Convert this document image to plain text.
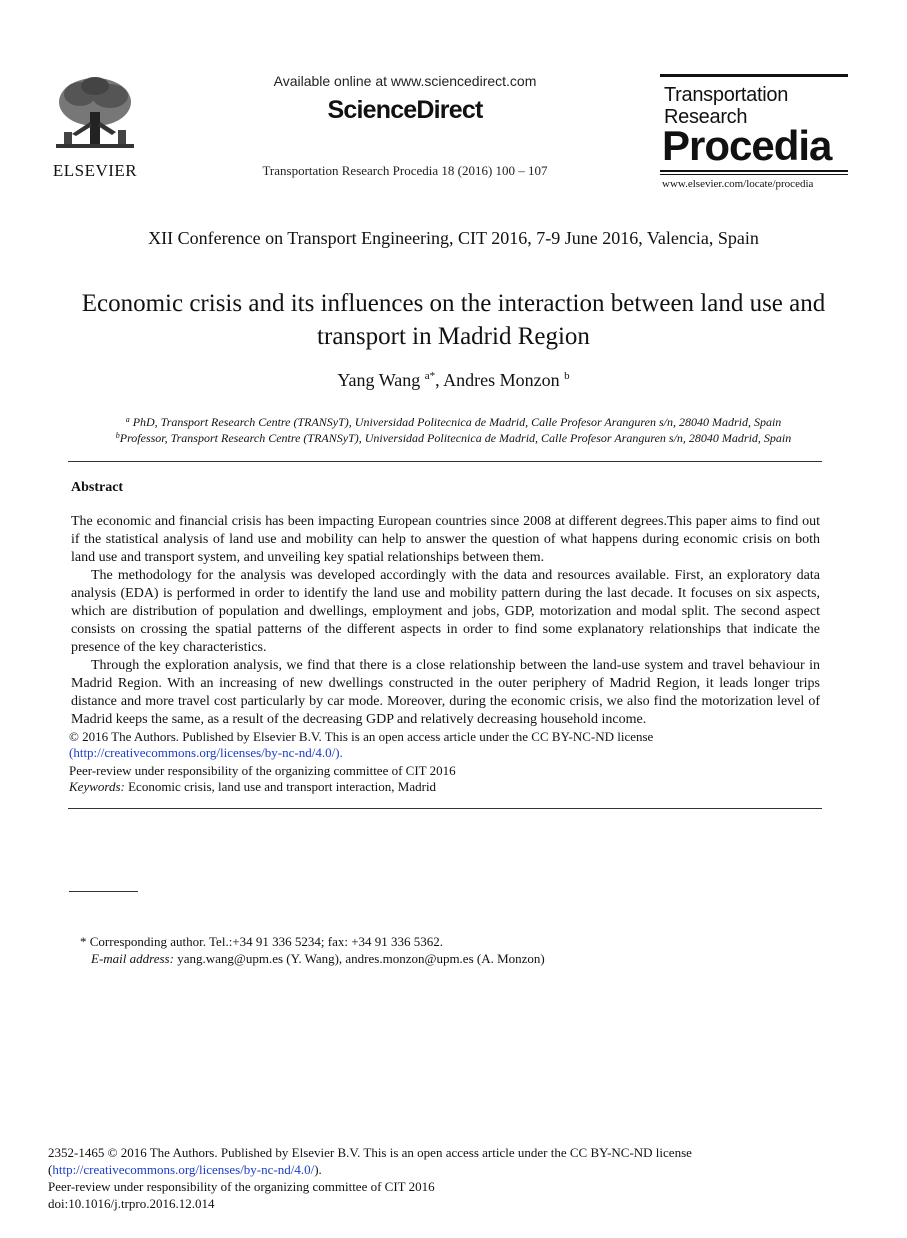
ELSEVIER
Available online at www.sciencedirect.com
ScienceDirect
Transportation Research Procedia 18 (2016) 100 – 107
Transportation
Research
Procedia
www.elsevier.com/locate/procedia
XII Conference on Transport Engineering, CIT 2016, 7-9 June 2016, Valencia, Spain
Economic crisis and its influences on the interaction between land use and transport in Madrid Region
Yang Wang $^{a*}$, Andres Monzon $^b$
$^a$ PhD, Transport Research Centre (TRANSyT), Universidad Politecnica de Madrid, Calle Profesor Aranguren s/n, 28040 Madrid, Spain
$^b$Professor, Transport Research Centre (TRANSyT), Universidad Politecnica de Madrid, Calle Profesor Aranguren s/n, 28040 Madrid, Spain
Abstract

The economic and financial crisis has been impacting European countries since 2008 at different degrees.This paper aims to find out if the statistical analysis of land use and mobility can help to answer the question of what happens during economic crisis on both land use and transport system, and unveiling key spatial relationships between them.

The methodology for the analysis was developed accordingly with the data and resources available. First, an exploratory data analysis (EDA) is performed in order to identify the land use and mobility pattern during the last decade. It focuses on six aspects, which are distribution of population and dwellings, employment and jobs, GDP, motorization and modal split. The second aspect consists on crossing the spatial patterns of the different aspects in order to find some explanatory relationships that indicate the presence of the key characteristics.

Through the exploration analysis, we find that there is a close relationship between the land-use system and travel behaviour in Madrid Region. With an increasing of new dwellings constructed in the outer periphery of Madrid Region, it leads longer trips distance and more travel cost particularly by car mode. Moreover, during the economic crisis, we also find the motorization level of Madrid keeps the same, as a result of the decreasing GDP and relatively decreasing household income.

© 2016 The Authors. Published by Elsevier B.V. This is an open access article under the CC BY-NC-ND license
(http://creativecommons.org/licenses/by-nc-nd/4.0/).
Peer-review under responsibility of the organizing committee of CIT 2016
Keywords: Economic crisis, land use and transport interaction, Madrid
* Corresponding author. Tel.:+34 91 336 5234; fax: +34 91 336 5362.
E-mail address: yang.wang@upm.es (Y. Wang), andres.monzon@upm.es (A. Monzon)
2352-1465 © 2016 The Authors. Published by Elsevier B.V. This is an open access article under the CC BY-NC-ND license
(http://creativecommons.org/licenses/by-nc-nd/4.0/).
Peer-review under responsibility of the organizing committee of CIT 2016
doi:10.1016/j.trpro.2016.12.014
